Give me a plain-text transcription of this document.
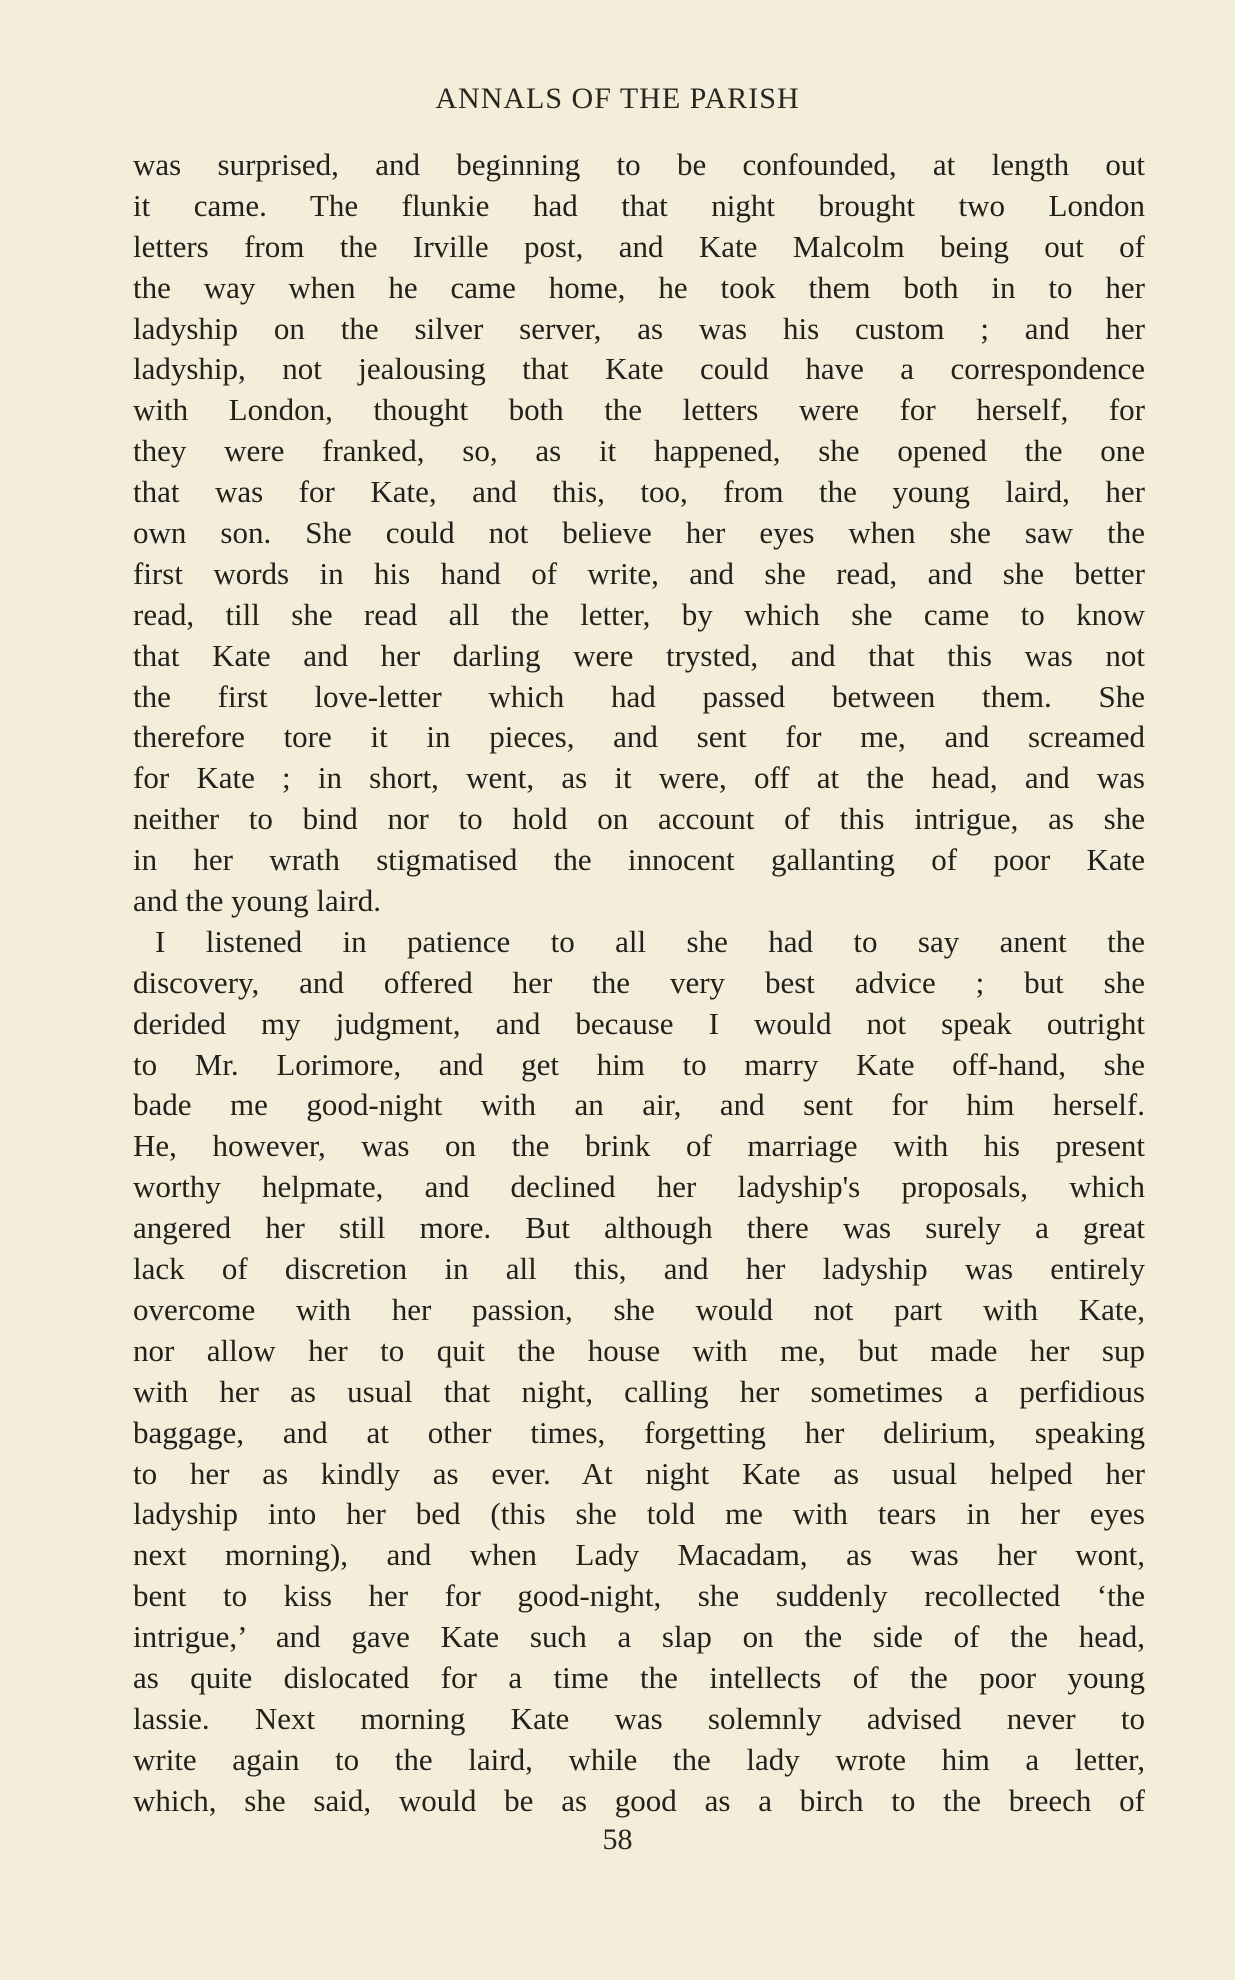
ANNALS OF THE PARISH
was surprised, and beginning to be confounded, at length out
it came. The flunkie had that night brought two London
letters from the Irville post, and Kate Malcolm being out of
the way when he came home, he took them both in to her
ladyship on the silver server, as was his custom ; and her
ladyship, not jealousing that Kate could have a correspondence
with London, thought both the letters were for herself, for
they were franked, so, as it happened, she opened the one
that was for Kate, and this, too, from the young laird, her
own son. She could not believe her eyes when she saw the
first words in his hand of write, and she read, and she better
read, till she read all the letter, by which she came to know
that Kate and her darling were trysted, and that this was not
the first love-letter which had passed between them. She
therefore tore it in pieces, and sent for me, and screamed
for Kate ; in short, went, as it were, off at the head, and was
neither to bind nor to hold on account of this intrigue, as she
in her wrath stigmatised the innocent gallanting of poor Kate
and the young laird.
I listened in patience to all she had to say anent the
discovery, and offered her the very best advice ; but she
derided my judgment, and because I would not speak outright
to Mr. Lorimore, and get him to marry Kate off-hand, she
bade me good-night with an air, and sent for him herself.
He, however, was on the brink of marriage with his present
worthy helpmate, and declined her ladyship's proposals, which
angered her still more. But although there was surely a great
lack of discretion in all this, and her ladyship was entirely
overcome with her passion, she would not part with Kate,
nor allow her to quit the house with me, but made her sup
with her as usual that night, calling her sometimes a perfidious
baggage, and at other times, forgetting her delirium, speaking
to her as kindly as ever. At night Kate as usual helped her
ladyship into her bed (this she told me with tears in her eyes
next morning), and when Lady Macadam, as was her wont,
bent to kiss her for good-night, she suddenly recollected ‘the
intrigue,’ and gave Kate such a slap on the side of the head,
as quite dislocated for a time the intellects of the poor young
lassie. Next morning Kate was solemnly advised never to
write again to the laird, while the lady wrote him a letter,
which, she said, would be as good as a birch to the breech of
58
